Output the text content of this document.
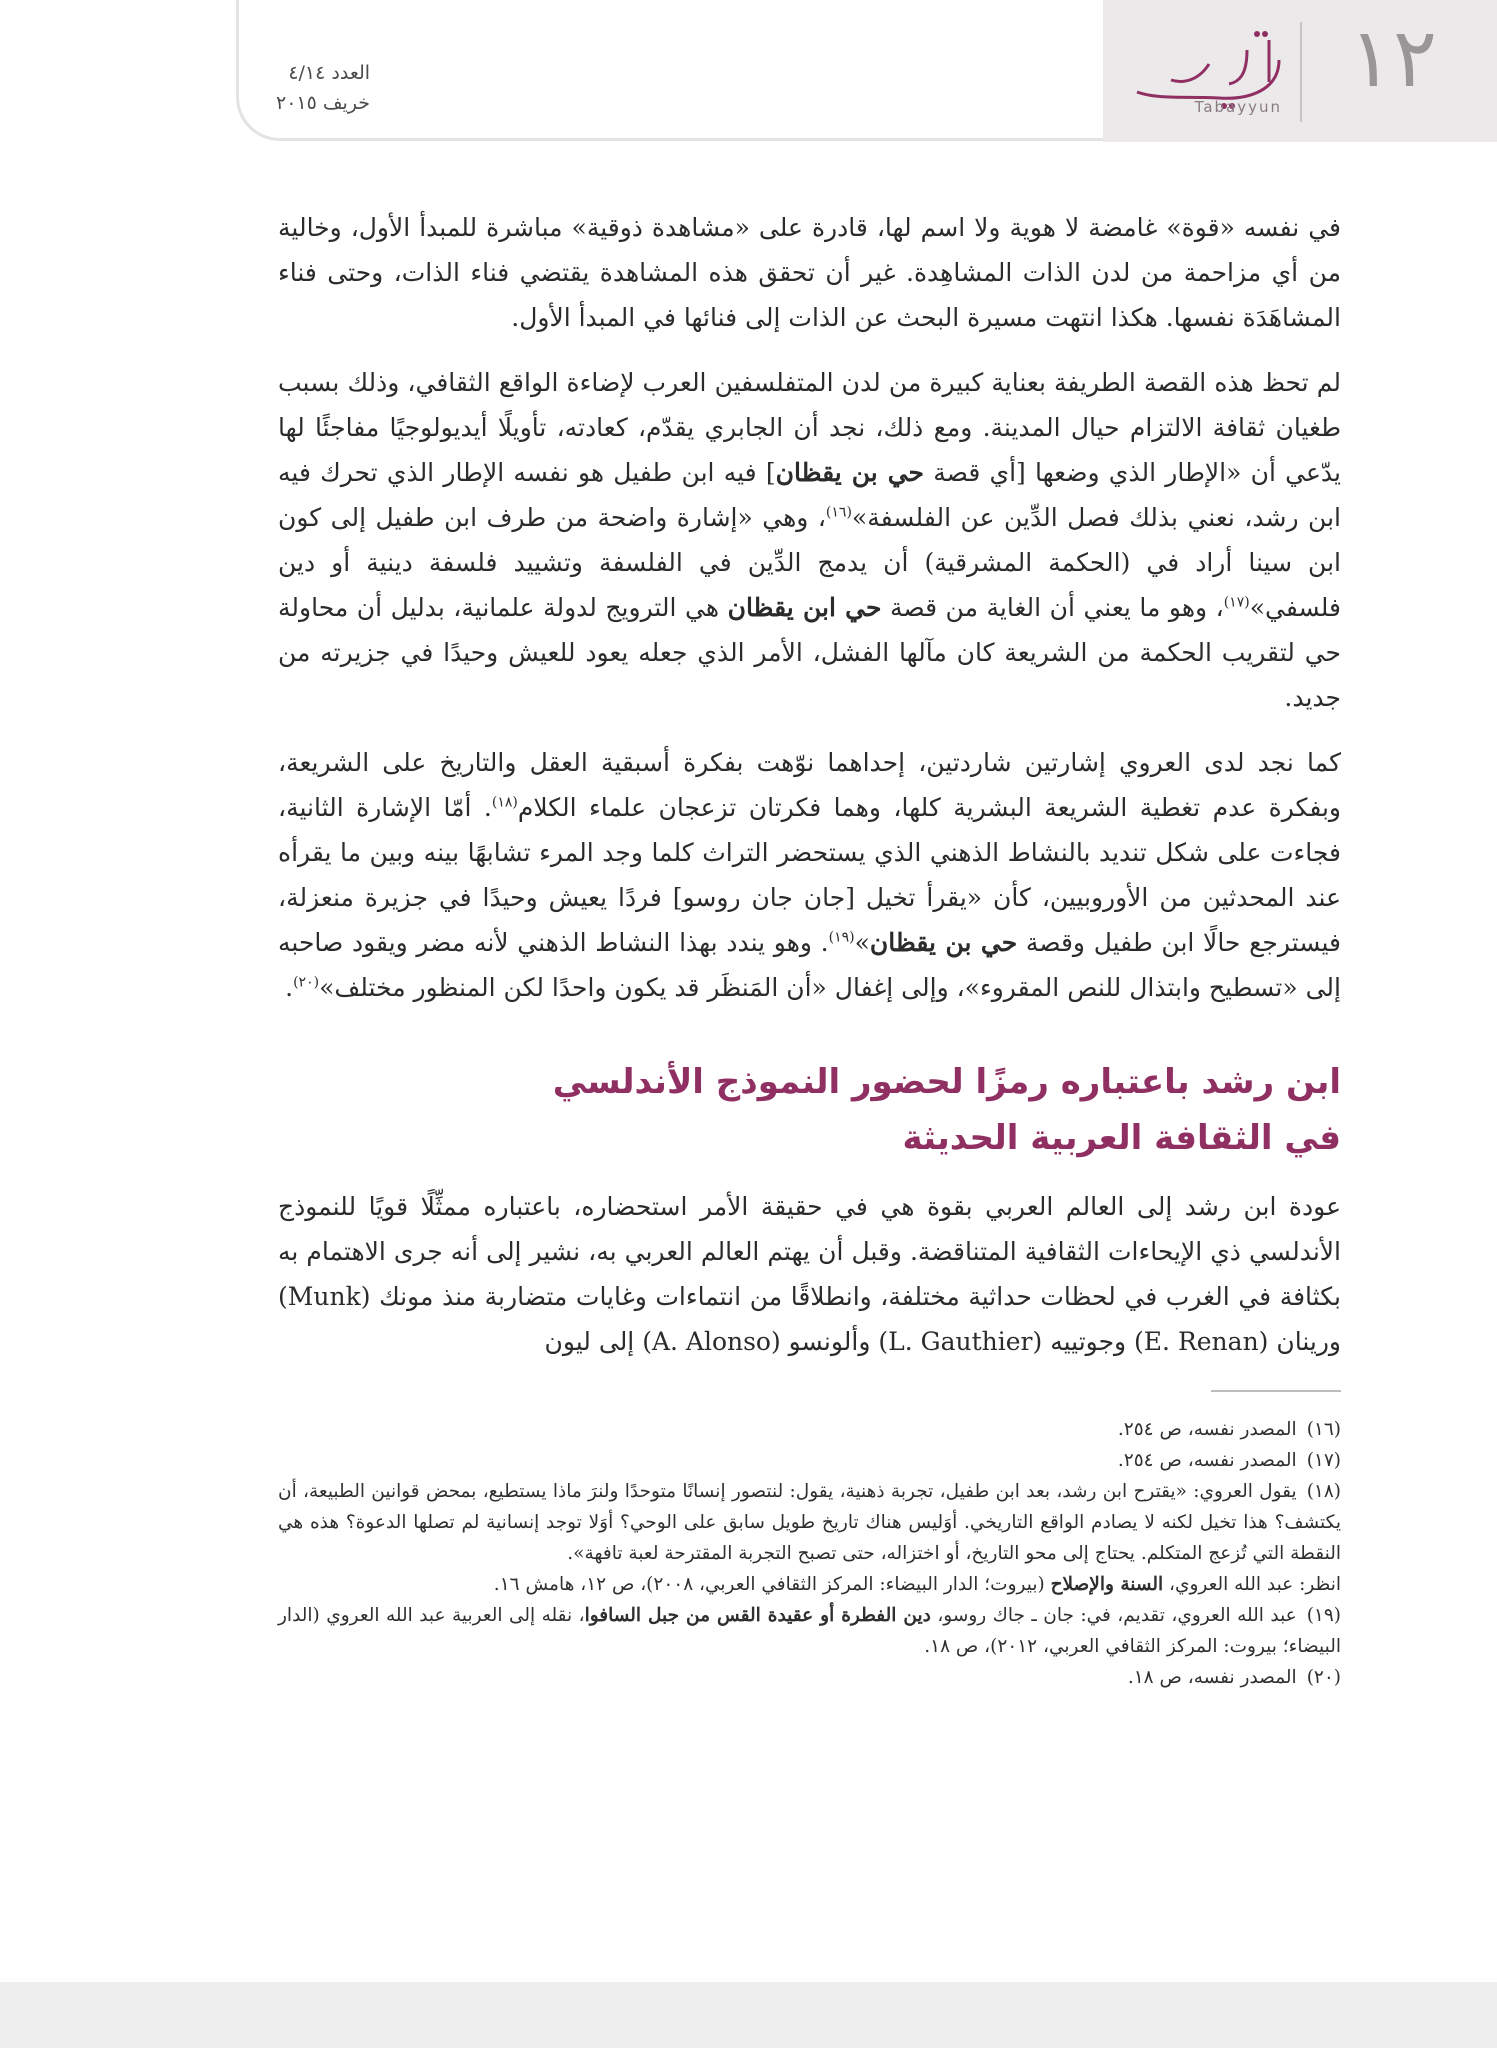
١٢
تبيُّن
Tabayyun
العدد ٤/١٤
خريف ٢٠١٥

في نفسه «قوة» غامضة لا هوية ولا اسم لها، قادرة على «مشاهدة ذوقية» مباشرة للمبدأ الأول، وخالية من أي مزاحمة من لدن الذات المشاهِدة. غير أن تحقق هذه المشاهدة يقتضي فناء الذات، وحتى فناء المشاهَدَة نفسها. هكذا انتهت مسيرة البحث عن الذات إلى فنائها في المبدأ الأول.

لم تحظ هذه القصة الطريفة بعناية كبيرة من لدن المتفلسفين العرب لإضاءة الواقع الثقافي، وذلك بسبب طغيان ثقافة الالتزام حيال المدينة. ومع ذلك، نجد أن الجابري يقدّم، كعادته، تأويلًا أيديولوجيًا مفاجئًا لها يدّعي أن «الإطار الذي وضعها [أي قصة حي بن يقظان] فيه ابن طفيل هو نفسه الإطار الذي تحرك فيه ابن رشد، نعني بذلك فصل الدِّين عن الفلسفة»$^{(١٦)}$، وهي «إشارة واضحة من طرف ابن طفيل إلى كون ابن سينا أراد في (الحكمة المشرقية) أن يدمج الدِّين في الفلسفة وتشييد فلسفة دينية أو دين فلسفي»$^{(١٧)}$، وهو ما يعني أن الغاية من قصة حي ابن يقظان هي الترويج لدولة علمانية، بدليل أن محاولة حي لتقريب الحكمة من الشريعة كان مآلها الفشل، الأمر الذي جعله يعود للعيش وحيدًا في جزيرته من جديد.

كما نجد لدى العروي إشارتين شاردتين، إحداهما نوّهت بفكرة أسبقية العقل والتاريخ على الشريعة، وبفكرة عدم تغطية الشريعة البشرية كلها، وهما فكرتان تزعجان علماء الكلام$^{(١٨)}$. أمّا الإشارة الثانية، فجاءت على شكل تنديد بالنشاط الذهني الذي يستحضر التراث كلما وجد المرء تشابهًا بينه وبين ما يقرأه عند المحدثين من الأوروبيين، كأن «يقرأ تخيل [جان جان روسو] فردًا يعيش وحيدًا في جزيرة منعزلة، فيسترجع حالًا ابن طفيل وقصة حي بن يقظان»$^{(١٩)}$. وهو يندد بهذا النشاط الذهني لأنه مضر ويقود صاحبه إلى «تسطيح وابتذال للنص المقروء»، وإلى إغفال «أن المَنظَر قد يكون واحدًا لكن المنظور مختلف»$^{(٢٠)}$.

ابن رشد باعتباره رمزًا لحضور النموذج الأندلسي
في الثقافة العربية الحديثة

عودة ابن رشد إلى العالم العربي بقوة هي في حقيقة الأمر استحضاره، باعتباره ممثِّلًا قويًا للنموذج الأندلسي ذي الإيحاءات الثقافية المتناقضة. وقبل أن يهتم العالم العربي به، نشير إلى أنه جرى الاهتمام به بكثافة في الغرب في لحظات حداثية مختلفة، وانطلاقًا من انتماءات وغايات متضاربة منذ مونك (Munk) ورينان (E. Renan) وجوتييه (L. Gauthier) وألونسو (A. Alonso) إلى ليون

(١٦)المصدر نفسه، ص ٢٥٤.

(١٧)المصدر نفسه، ص ٢٥٤.

(١٨)يقول العروي: «يقترح ابن رشد، بعد ابن طفيل، تجربة ذهنية، يقول: لنتصور إنسانًا متوحدًا ولنرَ ماذا يستطيع، بمحض قوانين الطبيعة، أن يكتشف؟ هذا تخيل لكنه لا يصادم الواقع التاريخي. أوَليس هناك تاريخ طويل سابق على الوحي؟ أوَلا توجد إنسانية لم تصلها الدعوة؟ هذه هي النقطة التي تُزعج المتكلم. يحتاج إلى محو التاريخ، أو اختزاله، حتى تصبح التجربة المقترحة لعبة تافهة».

انظر: عبد الله العروي، السنة والإصلاح (بيروت؛ الدار البيضاء: المركز الثقافي العربي، ٢٠٠٨)، ص ١٢، هامش ١٦.

(١٩)عبد الله العروي، تقديم، في: جان ـ جاك روسو، دين الفطرة أو عقيدة القس من جبل السافوا، نقله إلى العربية عبد الله العروي (الدار البيضاء؛ بيروت: المركز الثقافي العربي، ٢٠١٢)، ص ١٨.

(٢٠)المصدر نفسه، ص ١٨.
